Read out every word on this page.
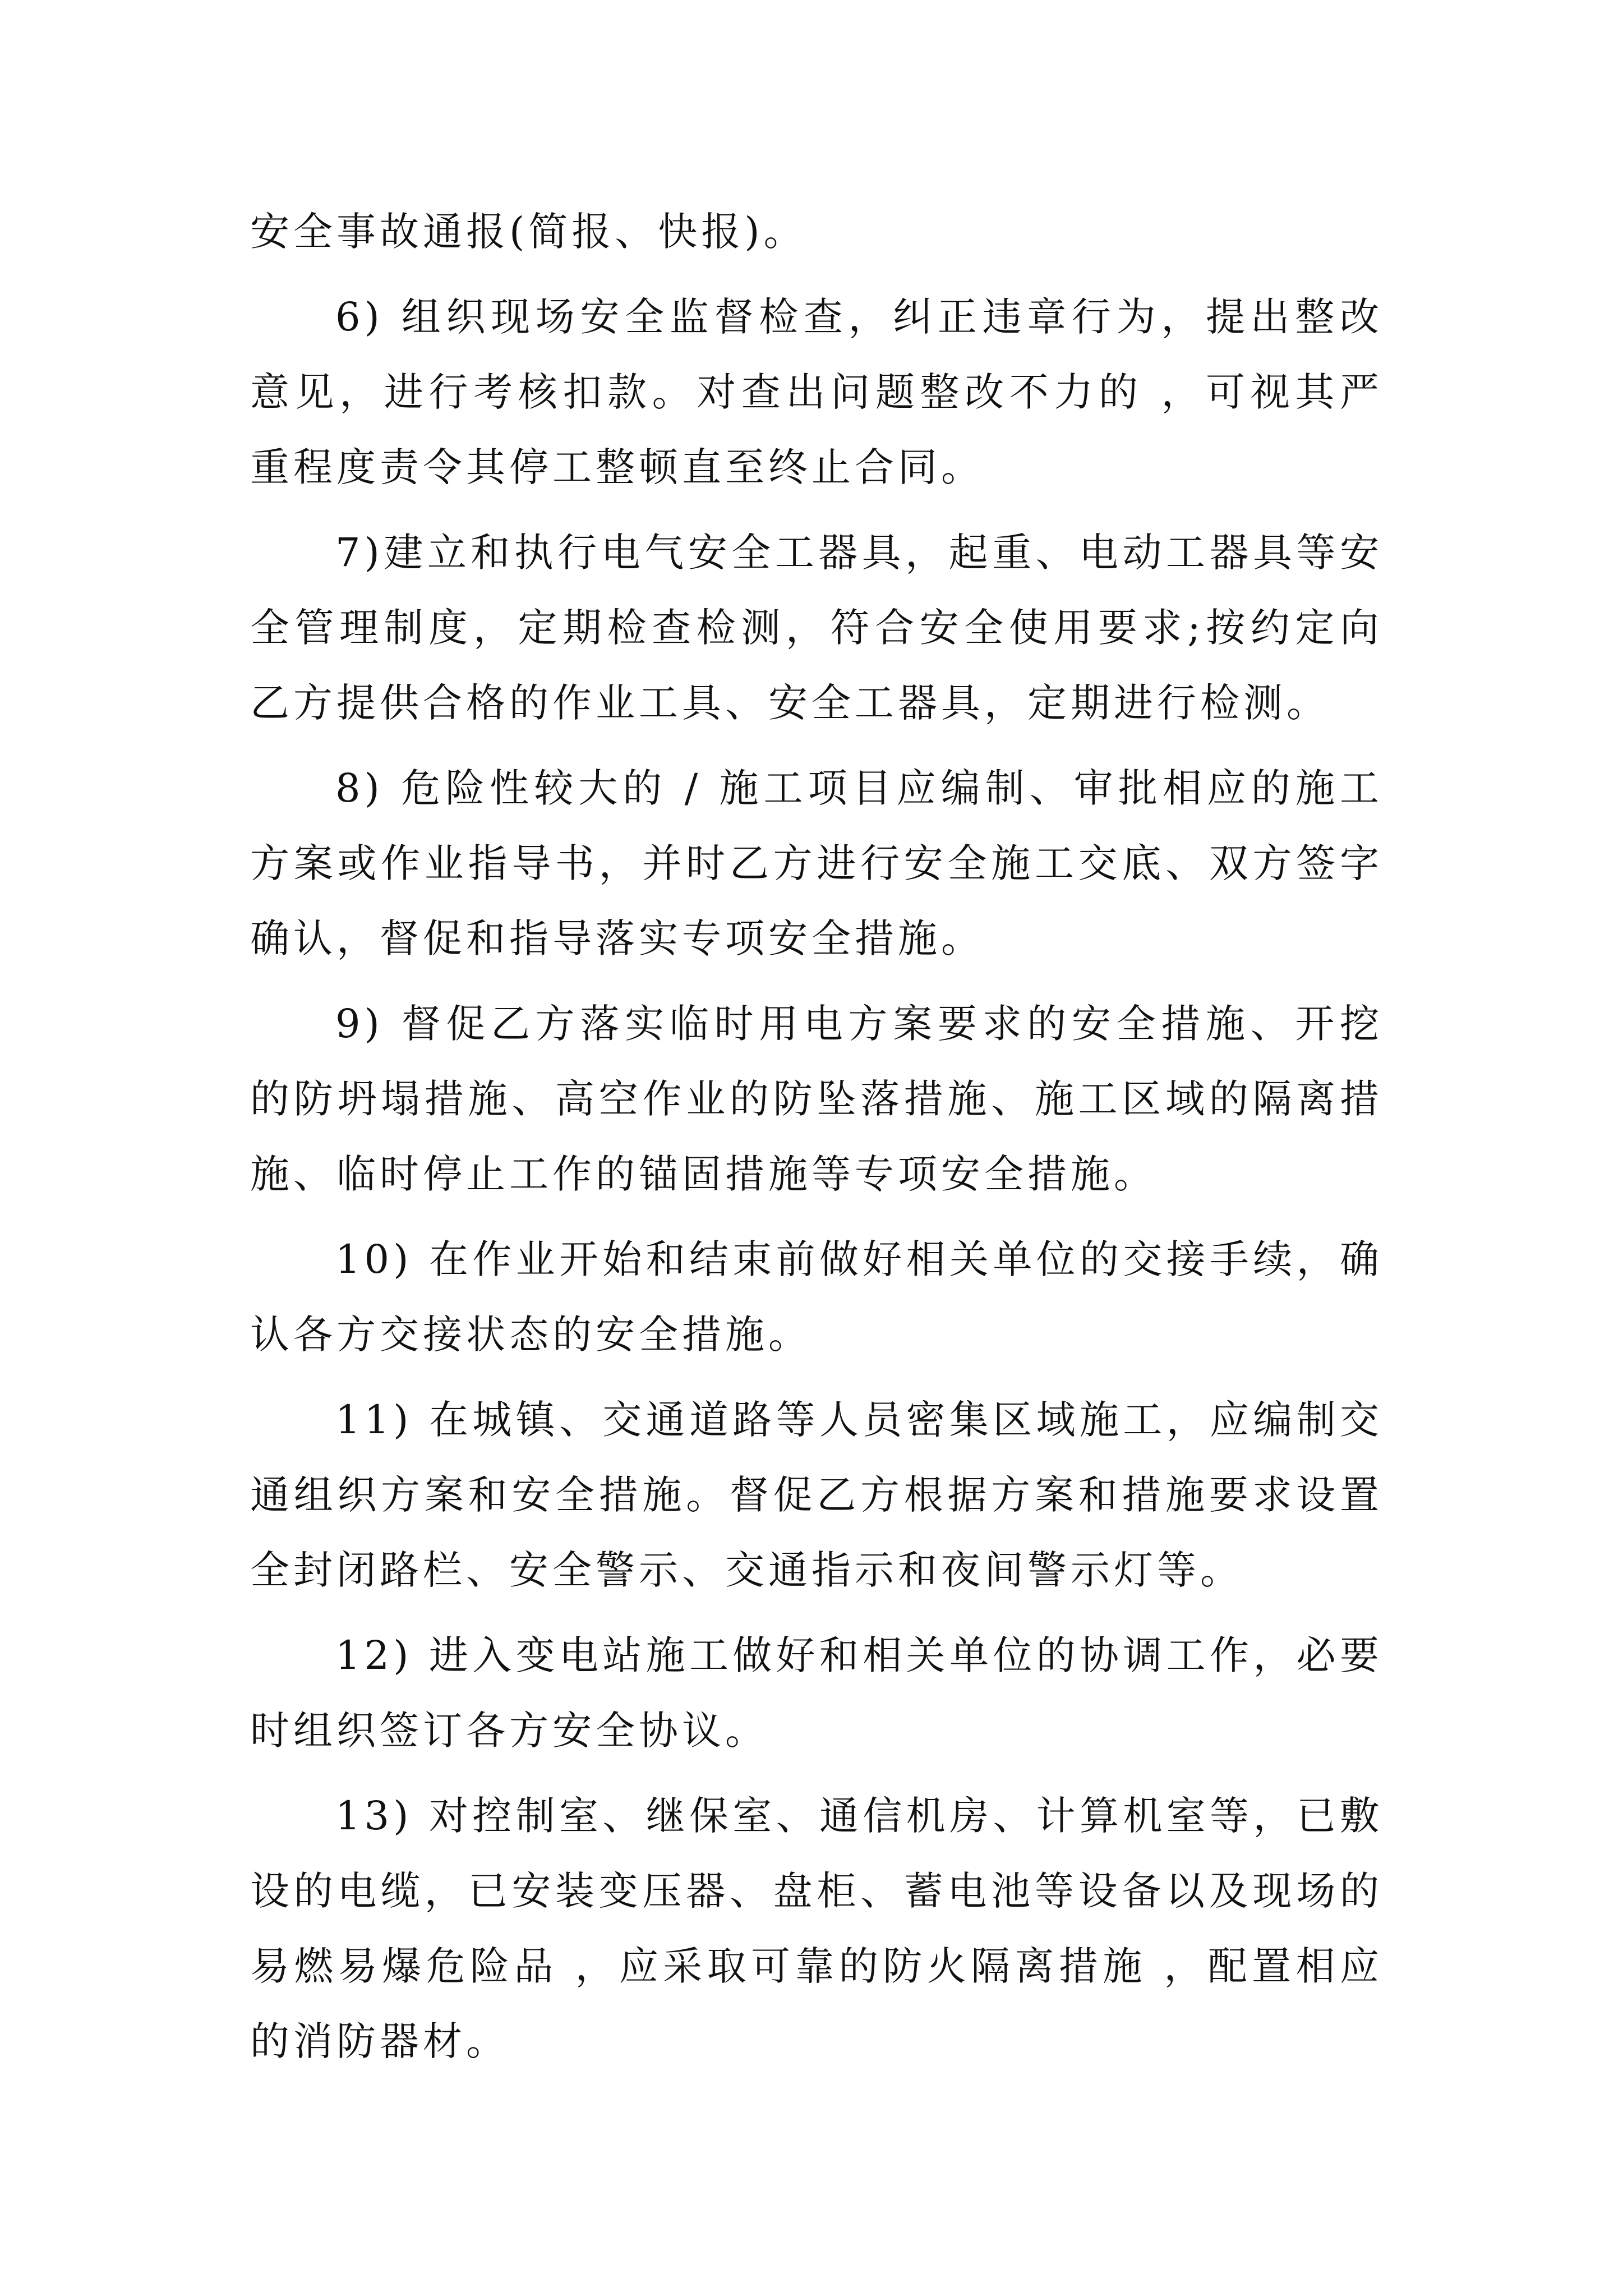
安全事故通报(简报、快报)。

6) 组织现场安全监督检查，纠正违章行为，提出整改意见，进行考核扣款。对查出问题整改不力的 ，可视其严重程度责令其停工整顿直至终止合同。

7)建立和执行电气安全工器具，起重、电动工器具等安全管理制度，定期检查检测，符合安全使用要求;按约定向乙方提供合格的作业工具、安全工器具，定期进行检测。

8) 危险性较大的 / 施工项目应编制、审批相应的施工方案或作业指导书，并时乙方进行安全施工交底、双方签字确认，督促和指导落实专项安全措施。

9) 督促乙方落实临时用电方案要求的安全措施、开挖的防坍塌措施、高空作业的防坠落措施、施工区域的隔离措施、临时停止工作的锚固措施等专项安全措施。

10) 在作业开始和结束前做好相关单位的交接手续，确认各方交接状态的安全措施。

11) 在城镇、交通道路等人员密集区域施工，应编制交通组织方案和安全措施。督促乙方根据方案和措施要求设置全封闭路栏、安全警示、交通指示和夜间警示灯等。

12) 进入变电站施工做好和相关单位的协调工作，必要时组织签订各方安全协议。

13) 对控制室、继保室、通信机房、计算机室等，已敷设的电缆，已安装变压器、盘柜、蓄电池等设备以及现场的易燃易爆危险品 ，应采取可靠的防火隔离措施 ，配置相应的消防器材。
